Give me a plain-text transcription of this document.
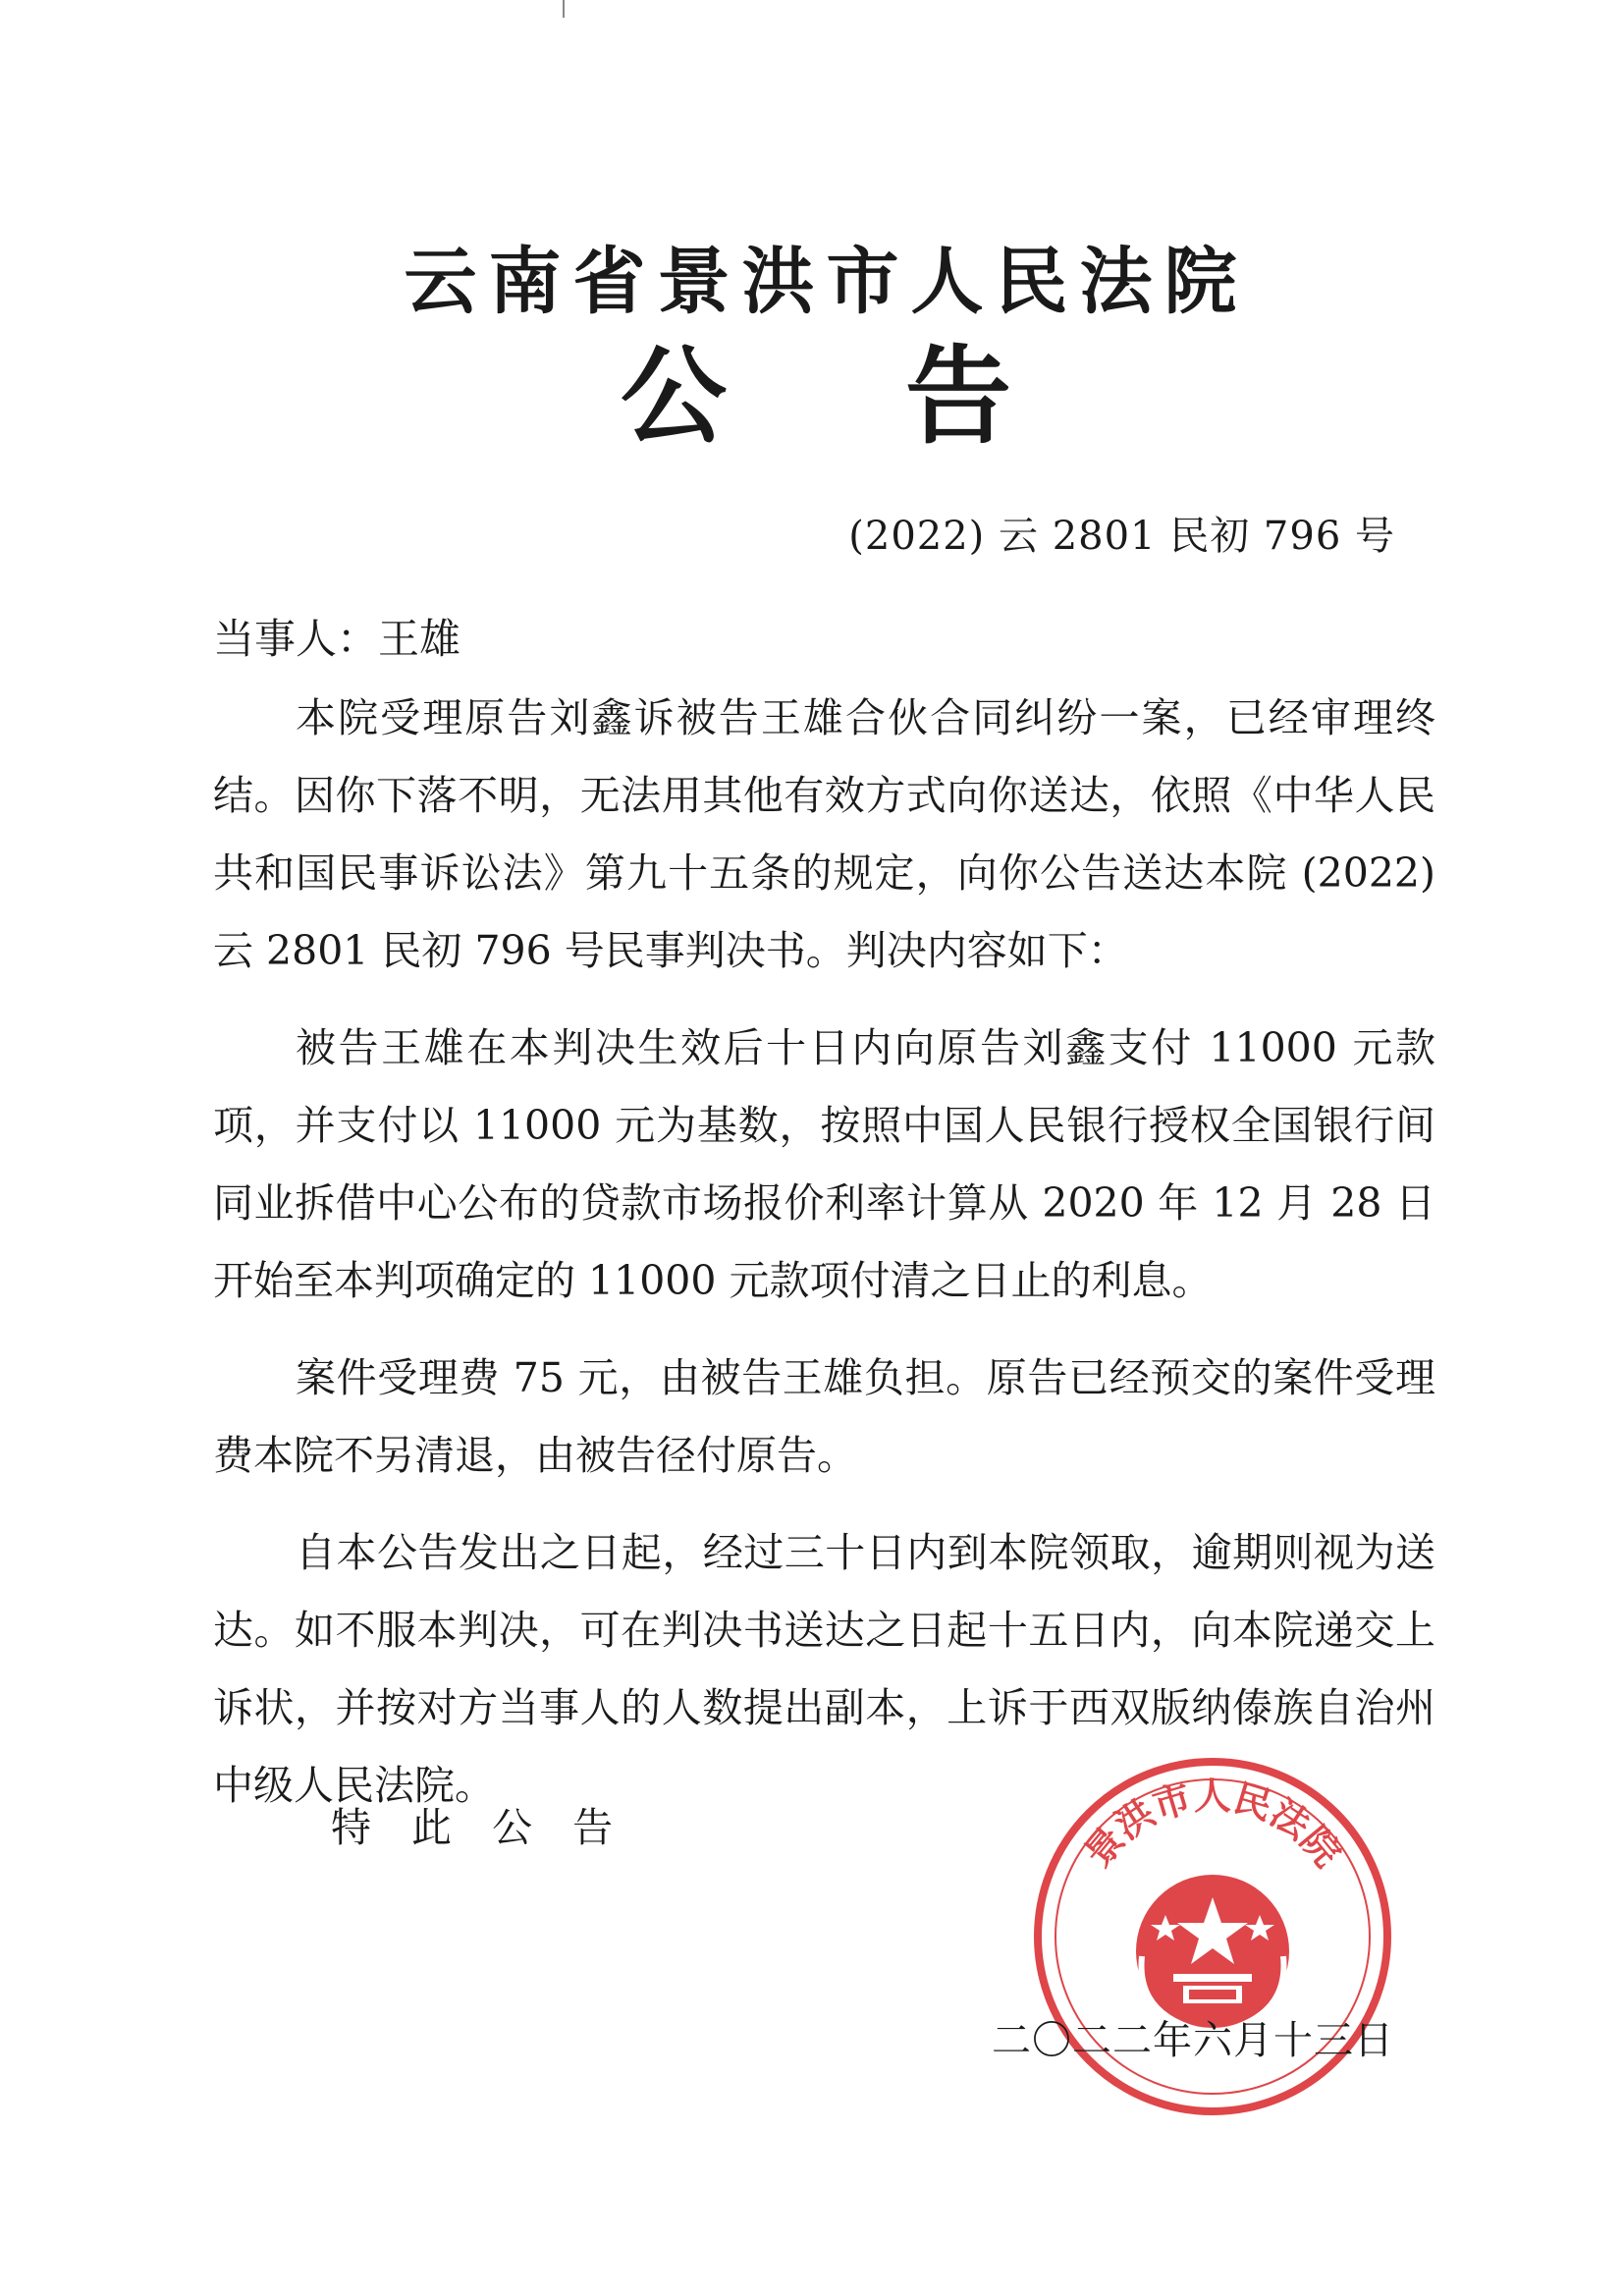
云南省景洪市人民法院
公 告
(2022) 云 2801 民初 796 号
当事人：王雄

本院受理原告刘鑫诉被告王雄合伙合同纠纷一案，已经审理终结。因你下落不明，无法用其他有效方式向你送达，依照《中华人民共和国民事诉讼法》第九十五条的规定，向你公告送达本院 (2022) 云 2801 民初 796 号民事判决书。判决内容如下：

被告王雄在本判决生效后十日内向原告刘鑫支付 11000 元款项，并支付以 11000 元为基数，按照中国人民银行授权全国银行间同业拆借中心公布的贷款市场报价利率计算从 2020 年 12 月 28 日开始至本判项确定的 11000 元款项付清之日止的利息。

案件受理费 75 元，由被告王雄负担。原告已经预交的案件受理费本院不另清退，由被告径付原告。

自本公告发出之日起，经过三十日内到本院领取，逾期则视为送达。如不服本判决，可在判决书送达之日起十五日内，向本院递交上诉状，并按对方当事人的人数提出副本，上诉于西双版纳傣族自治州中级人民法院。

特 此 公 告	景洪市人民法院
二〇二二年六月十三日
